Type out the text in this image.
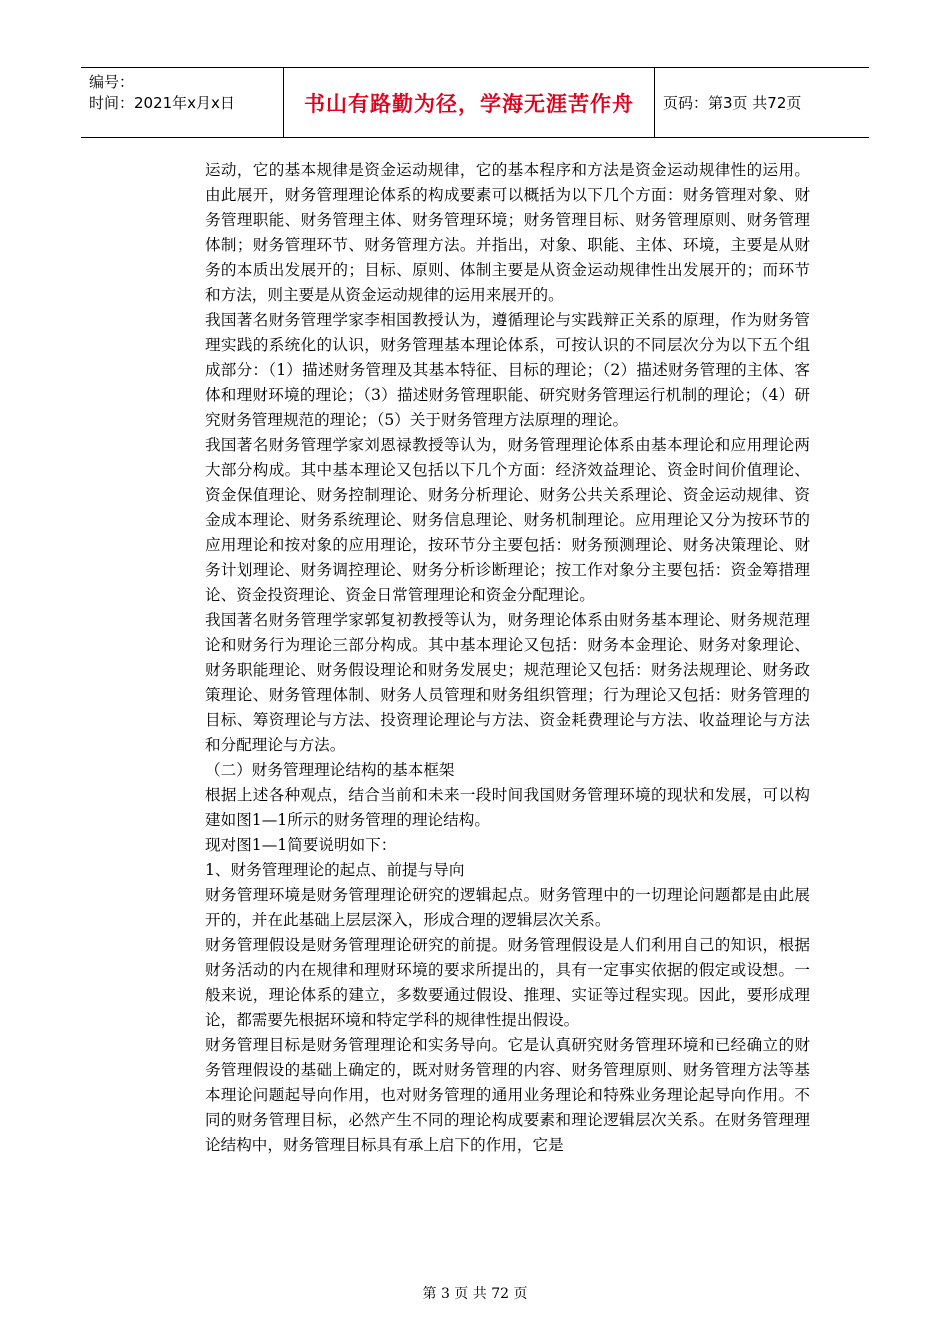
编号：
时间：2021年x月x日	书山有路勤为径，学海无涯苦作舟 页码：第3页 共72页

运动，它的基本规律是资金运动规律，它的基本程序和方法是资金运动规律性的运用。由此展开，财务管理理论体系的构成要素可以概括为以下几个方面：财务管理对象、财务管理职能、财务管理主体、财务管理环境；财务管理目标、财务管理原则、财务管理体制；财务管理环节、财务管理方法。并指出，对象、职能、主体、环境，主要是从财务的本质出发展开的；目标、原则、体制主要是从资金运动规律性出发展开的；而环节和方法，则主要是从资金运动规律的运用来展开的。

我国著名财务管理学家李相国教授认为，遵循理论与实践辩正关系的原理，作为财务管理实践的系统化的认识，财务管理基本理论体系，可按认识的不同层次分为以下五个组成部分：（1）描述财务管理及其基本特征、目标的理论；（2）描述财务管理的主体、客体和理财环境的理论；（3）描述财务管理职能、研究财务管理运行机制的理论；（4）研究财务管理规范的理论；（5）关于财务管理方法原理的理论。

我国著名财务管理学家刘恩禄教授等认为，财务管理理论体系由基本理论和应用理论两大部分构成。其中基本理论又包括以下几个方面：经济效益理论、资金时间价值理论、资金保值理论、财务控制理论、财务分析理论、财务公共关系理论、资金运动规律、资金成本理论、财务系统理论、财务信息理论、财务机制理论。应用理论又分为按环节的应用理论和按对象的应用理论，按环节分主要包括：财务预测理论、财务决策理论、财务计划理论、财务调控理论、财务分析诊断理论；按工作对象分主要包括：资金筹措理论、资金投资理论、资金日常管理理论和资金分配理论。

我国著名财务管理学家郭复初教授等认为，财务理论体系由财务基本理论、财务规范理论和财务行为理论三部分构成。其中基本理论又包括：财务本金理论、财务对象理论、财务职能理论、财务假设理论和财务发展史；规范理论又包括：财务法规理论、财务政策理论、财务管理体制、财务人员管理和财务组织管理；行为理论又包括：财务管理的目标、筹资理论与方法、投资理论理论与方法、资金耗费理论与方法、收益理论与方法和分配理论与方法。

（二）财务管理理论结构的基本框架

根据上述各种观点，结合当前和未来一段时间我国财务管理环境的现状和发展，可以构建如图1—1所示的财务管理的理论结构。

现对图1—1简要说明如下：

1、财务管理理论的起点、前提与导向

财务管理环境是财务管理理论研究的逻辑起点。财务管理中的一切理论问题都是由此展开的，并在此基础上层层深入，形成合理的逻辑层次关系。

财务管理假设是财务管理理论研究的前提。财务管理假设是人们利用自己的知识，根据财务活动的内在规律和理财环境的要求所提出的，具有一定事实依据的假定或设想。一般来说，理论体系的建立，多数要通过假设、推理、实证等过程实现。因此，要形成理论，都需要先根据环境和特定学科的规律性提出假设。

财务管理目标是财务管理理论和实务导向。它是认真研究财务管理环境和已经确立的财务管理假设的基础上确定的，既对财务管理的内容、财务管理原则、财务管理方法等基本理论问题起导向作用，也对财务管理的通用业务理论和特殊业务理论起导向作用。不同的财务管理目标，必然产生不同的理论构成要素和理论逻辑层次关系。在财务管理理论结构中，财务管理目标具有承上启下的作用，它是

第 3 页 共 72 页
